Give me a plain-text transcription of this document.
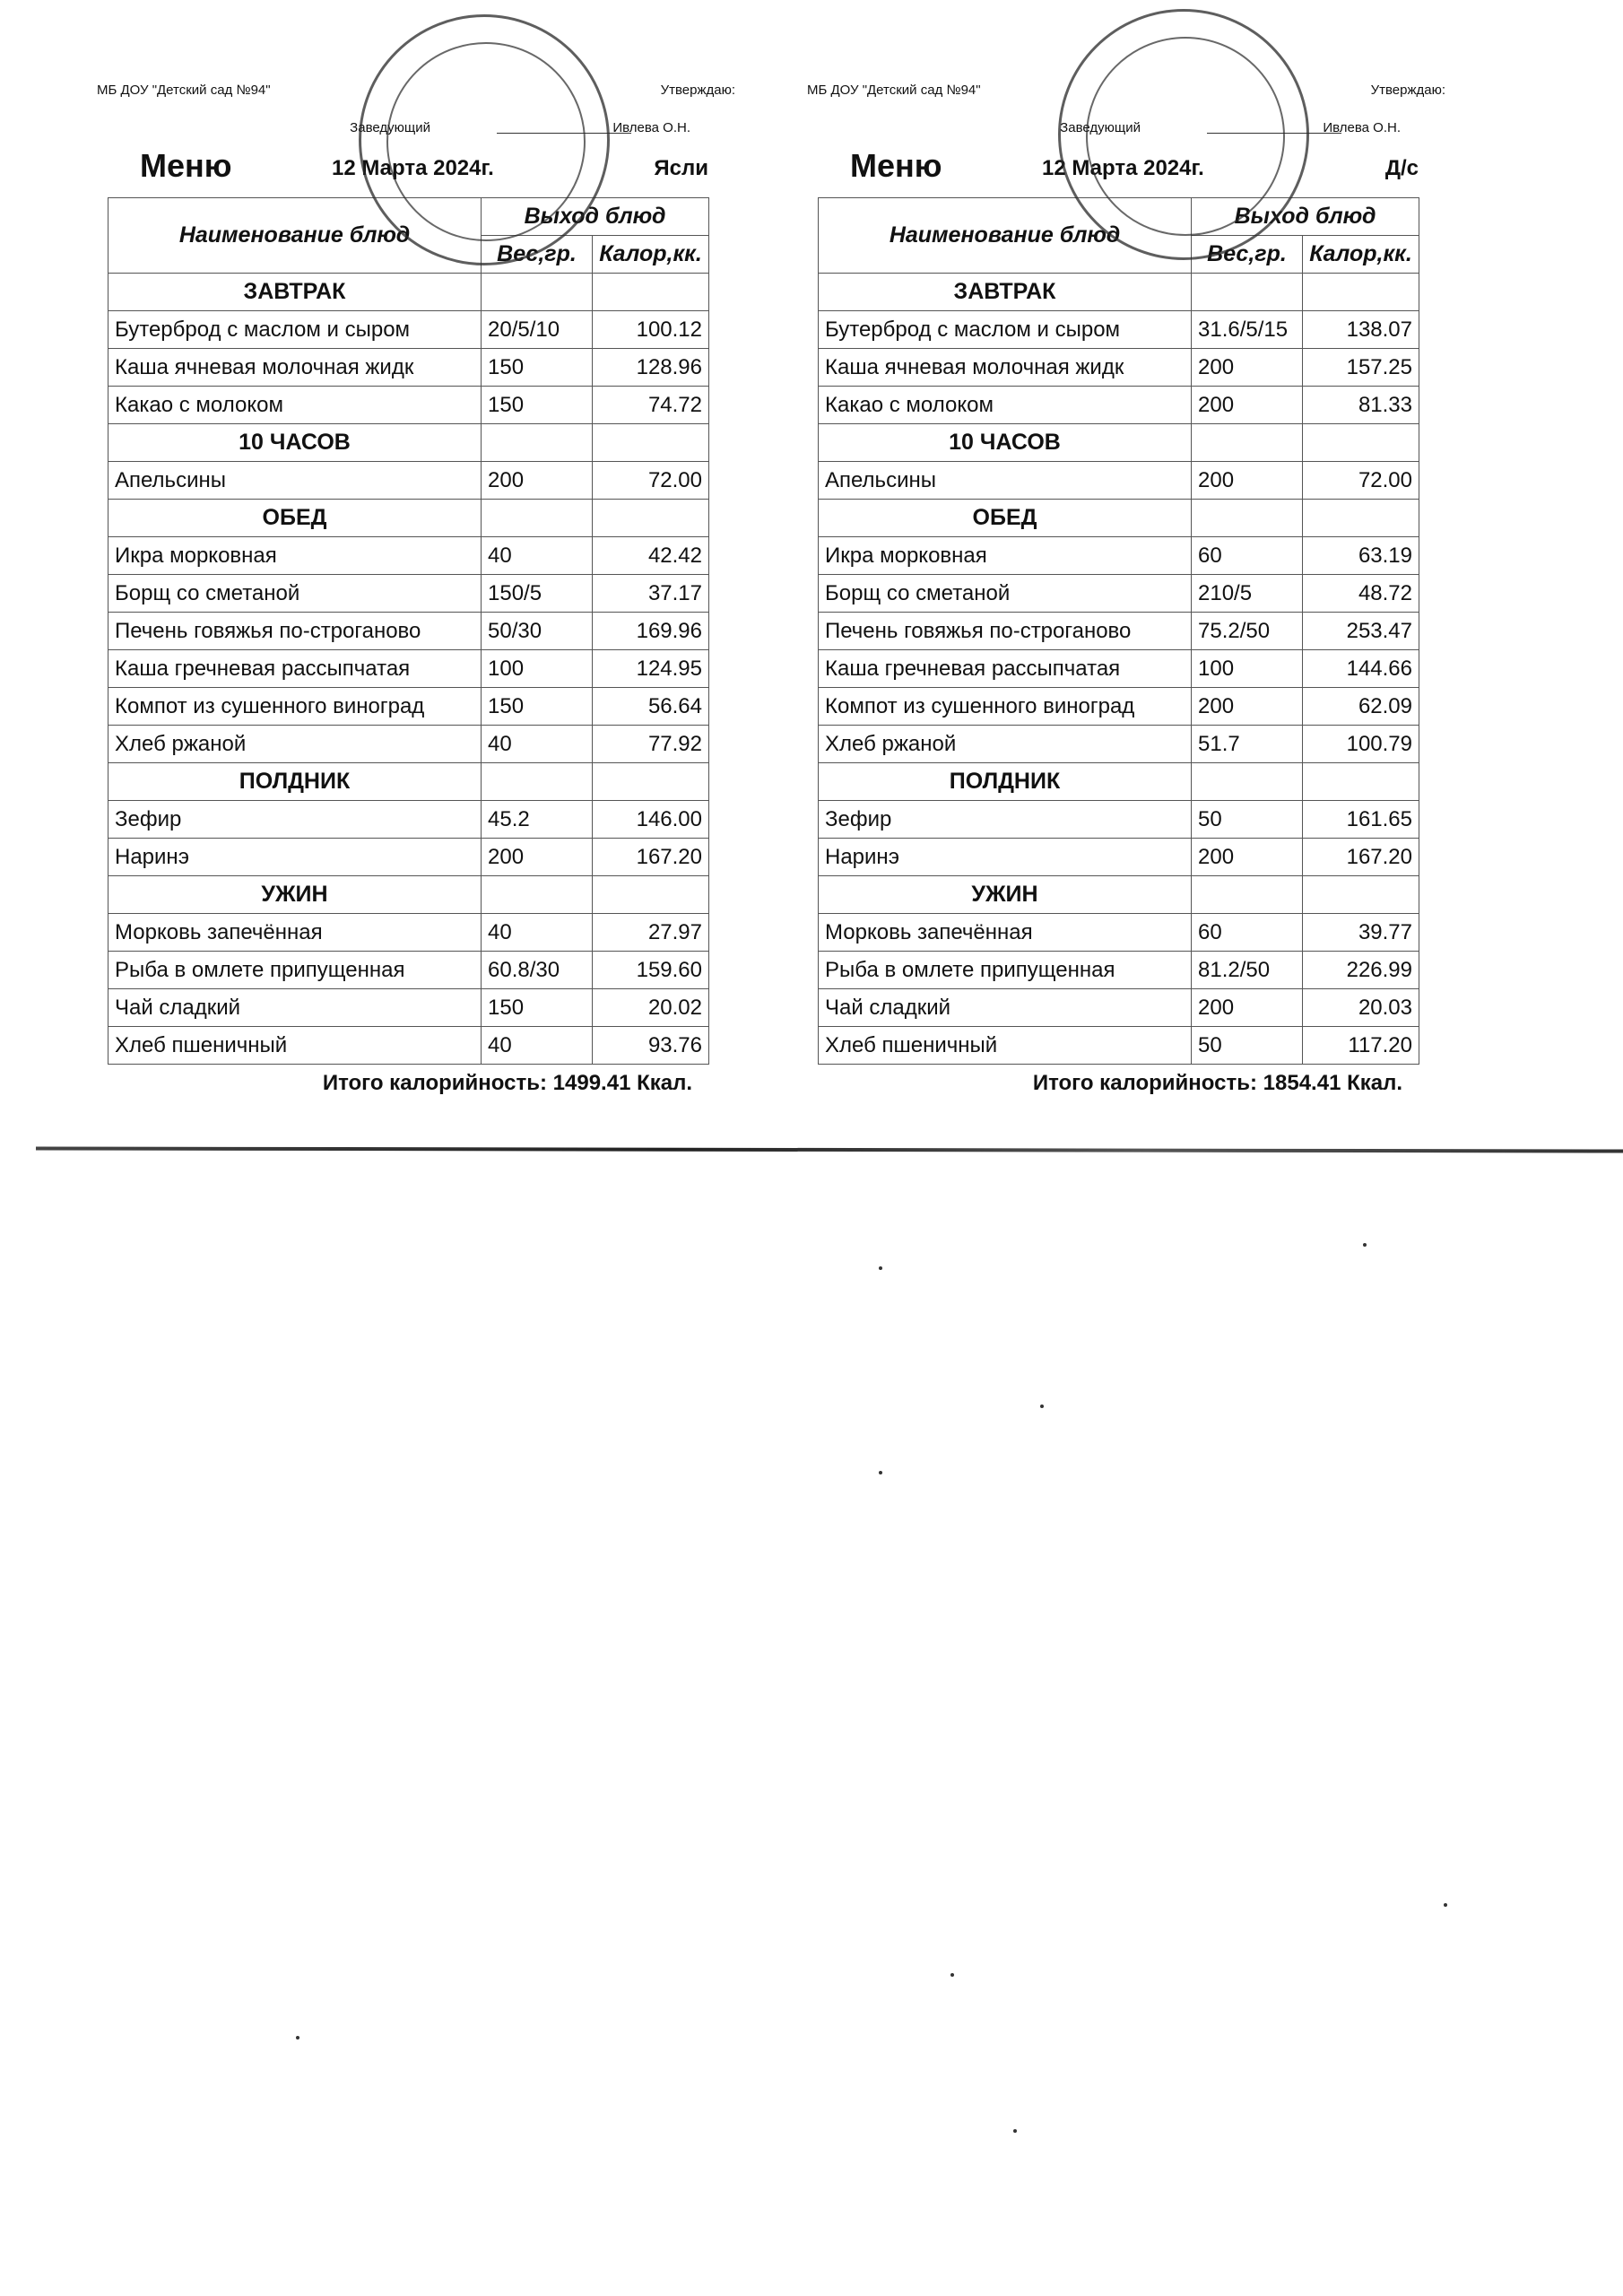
МБ ДОУ "Детский сад №94"	Утверждаю:
Заведующий	Ивлева О.Н.
Меню	12 Марта 2024г.	Ясли
Наименование блюд	Выход блюд	
	Вес,гр.	Калор,кк.
ЗАВТРАК		
Бутерброд с маслом и сыром	20/5/10	100.12
Каша ячневая молочная жидк	150	128.96
Какао с молоком	150	74.72
10 ЧАСОВ		
Апельсины	200	72.00
ОБЕД		
Икра морковная	40	42.42
Борщ со сметаной	150/5	37.17
Печень говяжья по-строганово	50/30	169.96
Каша гречневая рассыпчатая	100	124.95
Компот из сушенного виноград	150	56.64
Хлеб ржаной	40	77.92
ПОЛДНИК		
Зефир	45.2	146.00
Наринэ	200	167.20
УЖИН		
Морковь запечённая	40	27.97
Рыба в омлете припущенная	60.8/30	159.60
Чай сладкий	150	20.02
Хлеб пшеничный	40	93.76
Итого калорийность: 1499.41 Ккал.
МБ ДОУ "Детский сад №94"	Утверждаю:
Заведующий	Ивлева О.Н.
Меню	12 Марта 2024г.	Д/с
Наименование блюд	Выход блюд	
	Вес,гр.	Калор,кк.
ЗАВТРАК		
Бутерброд с маслом и сыром	31.6/5/15	138.07
Каша ячневая молочная жидк	200	157.25
Какао с молоком	200	81.33
10 ЧАСОВ		
Апельсины	200	72.00
ОБЕД		
Икра морковная	60	63.19
Борщ со сметаной	210/5	48.72
Печень говяжья по-строганово	75.2/50	253.47
Каша гречневая рассыпчатая	100	144.66
Компот из сушенного виноград	200	62.09
Хлеб ржаной	51.7	100.79
ПОЛДНИК		
Зефир	50	161.65
Наринэ	200	167.20
УЖИН		
Морковь запечённая	60	39.77
Рыба в омлете припущенная	81.2/50	226.99
Чай сладкий	200	20.03
Хлеб пшеничный	50	117.20
Итого калорийность: 1854.41 Ккал.
